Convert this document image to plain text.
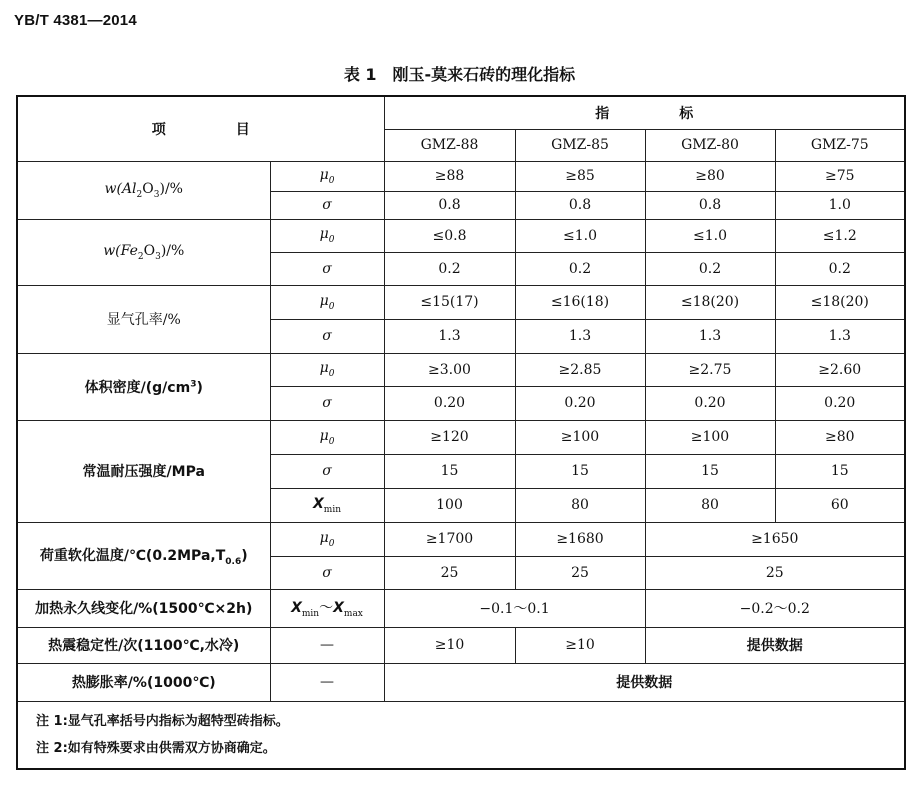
YB/T 4381—2014
表 1　刚玉-莫来石砖的理化指标
项　目		指　标			
		GMZ-88	GMZ-85	GMZ-80	GMZ-75
$w(Al_2O_3)/\%$	$\mu_0$	≥88	≥85	≥80	≥75
	σ	0.8	0.8	0.8	1.0
$w(Fe_2O_3)/\%$	$\mu_0$	≤0.8	≤1.0	≤1.0	≤1.2
	σ	0.2	0.2	0.2	0.2
显气孔率/%	$\mu_0$	≤15(17)	≤16(18)	≤18(20)	≤18(20)
	σ	1.3	1.3	1.3	1.3
体积密度$/(g/cm^3)$	$\mu_0$	≥3.00	≥2.85	≥2.75	≥2.60
	σ	0.20	0.20	0.20	0.20
常温耐压强度/MPa	$\mu_0$	≥120	≥100	≥100	≥80
	σ	15	15	15	15
	$X_{min}$	100	80	80	60
荷重软化温度$/℃(0.2MPa,T_{0.6})$	$\mu_0$	≥1700	≥1680	≥1650	
	σ	25	25	25	
加热永久线变化/%(1500℃×2h)	$X_{min}\sim X_{max}$	−0.1～0.1		−0.2～0.2	
热震稳定性/次(1100℃,水冷)	—	≥10	≥10	提供数据	
热膨胀率/%(1000℃)	—	提供数据			

注 1:显气孔率括号内指标为超特型砖指标。
注 2:如有特殊要求由供需双方协商确定。					
